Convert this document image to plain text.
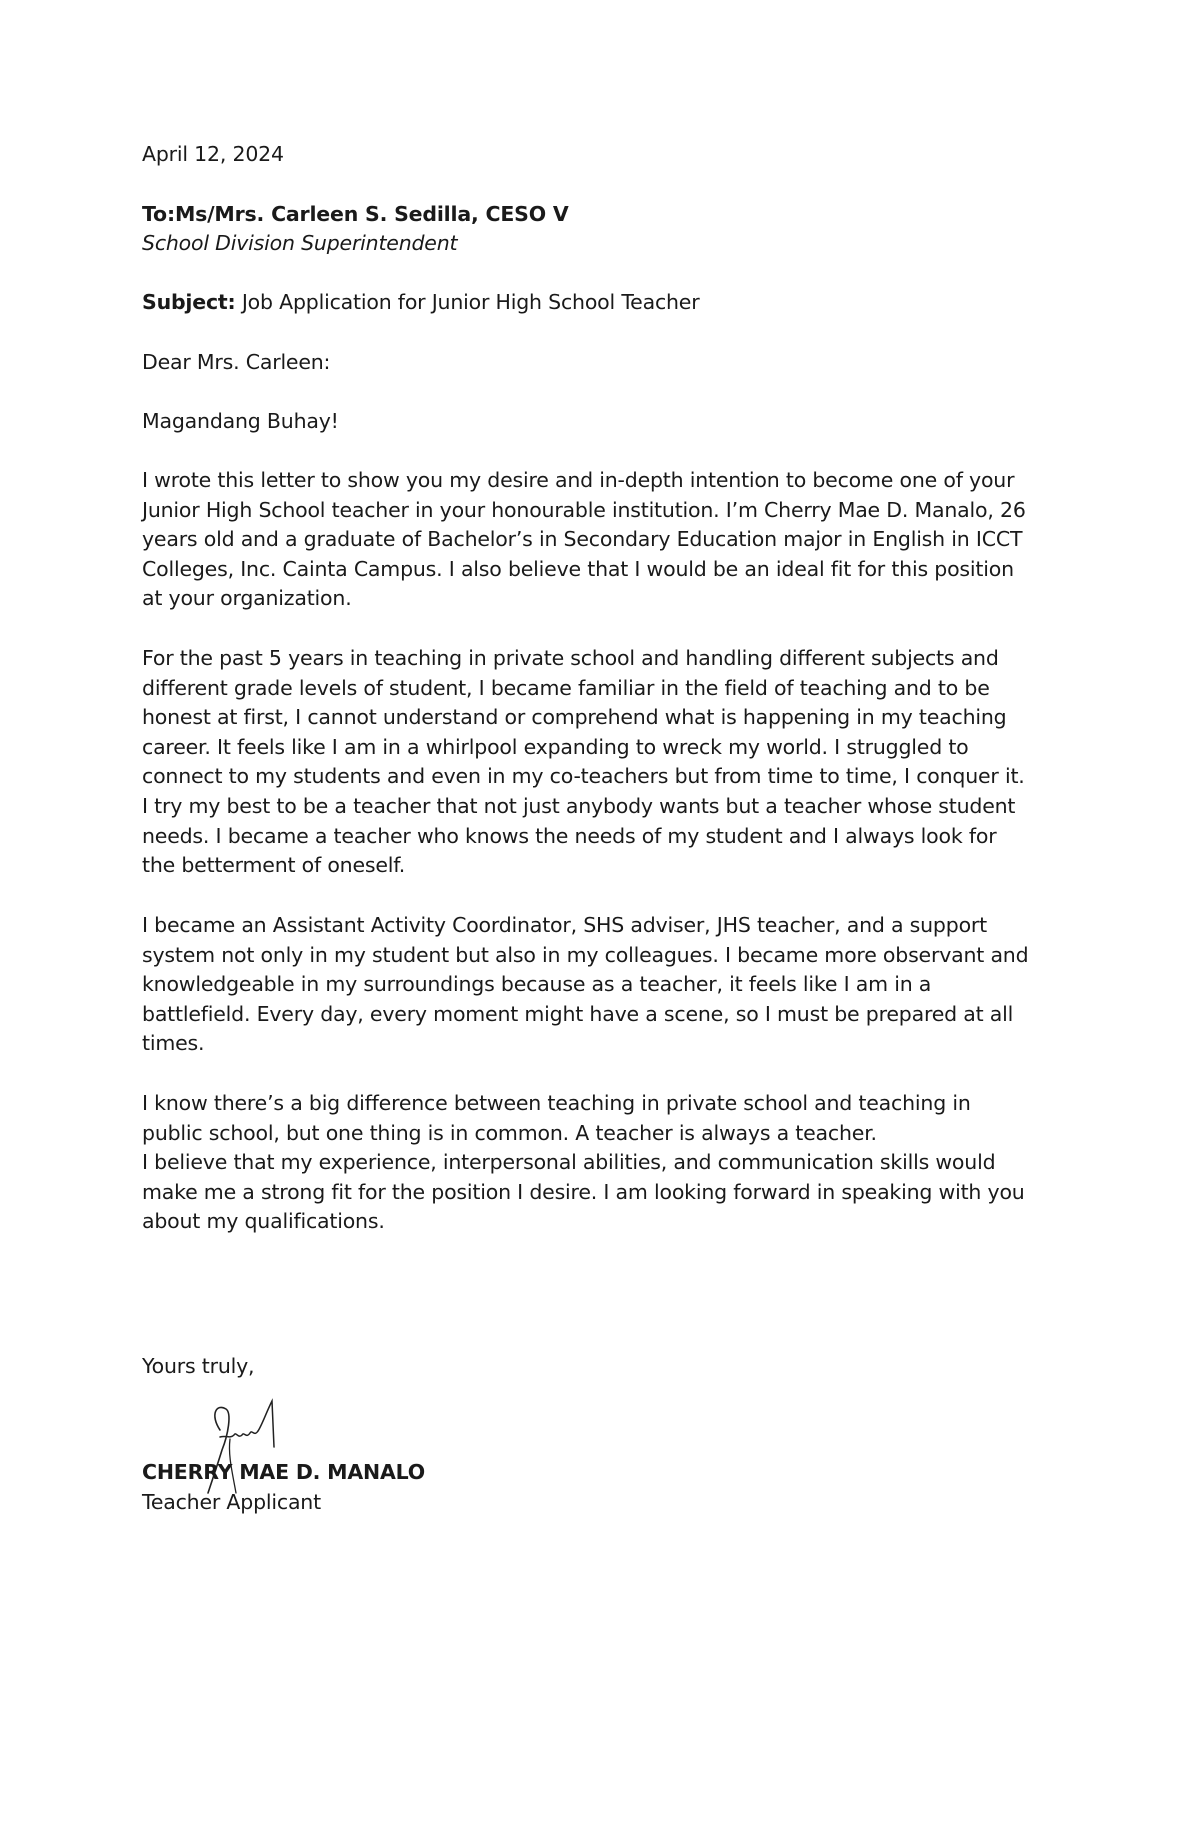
April 12, 2024
To:Ms/Mrs. Carleen S. Sedilla, CESO V
School Division Superintendent
Subject: Job Application for Junior High School Teacher
Dear Mrs. Carleen:
Magandang Buhay!
I wrote this letter to show you my desire and in-depth intention to become one of your
Junior High School teacher in your honourable institution. I’m Cherry Mae D. Manalo, 26
years old and a graduate of Bachelor’s in Secondary Education major in English in ICCT
Colleges, Inc. Cainta Campus. I also believe that I would be an ideal fit for this position
at your organization.
For the past 5 years in teaching in private school and handling different subjects and
different grade levels of student, I became familiar in the field of teaching and to be
honest at first, I cannot understand or comprehend what is happening in my teaching
career. It feels like I am in a whirlpool expanding to wreck my world. I struggled to
connect to my students and even in my co-teachers but from time to time, I conquer it.
I try my best to be a teacher that not just anybody wants but a teacher whose student
needs. I became a teacher who knows the needs of my student and I always look for
the betterment of oneself.
I became an Assistant Activity Coordinator, SHS adviser, JHS teacher, and a support
system not only in my student but also in my colleagues. I became more observant and
knowledgeable in my surroundings because as a teacher, it feels like I am in a
battlefield. Every day, every moment might have a scene, so I must be prepared at all
times.
I know there’s a big difference between teaching in private school and teaching in
public school, but one thing is in common. A teacher is always a teacher.
I believe that my experience, interpersonal abilities, and communication skills would
make me a strong fit for the position I desire. I am looking forward in speaking with you
about my qualifications.
Yours truly,
CHERRY MAE D. MANALO
Teacher Applicant
